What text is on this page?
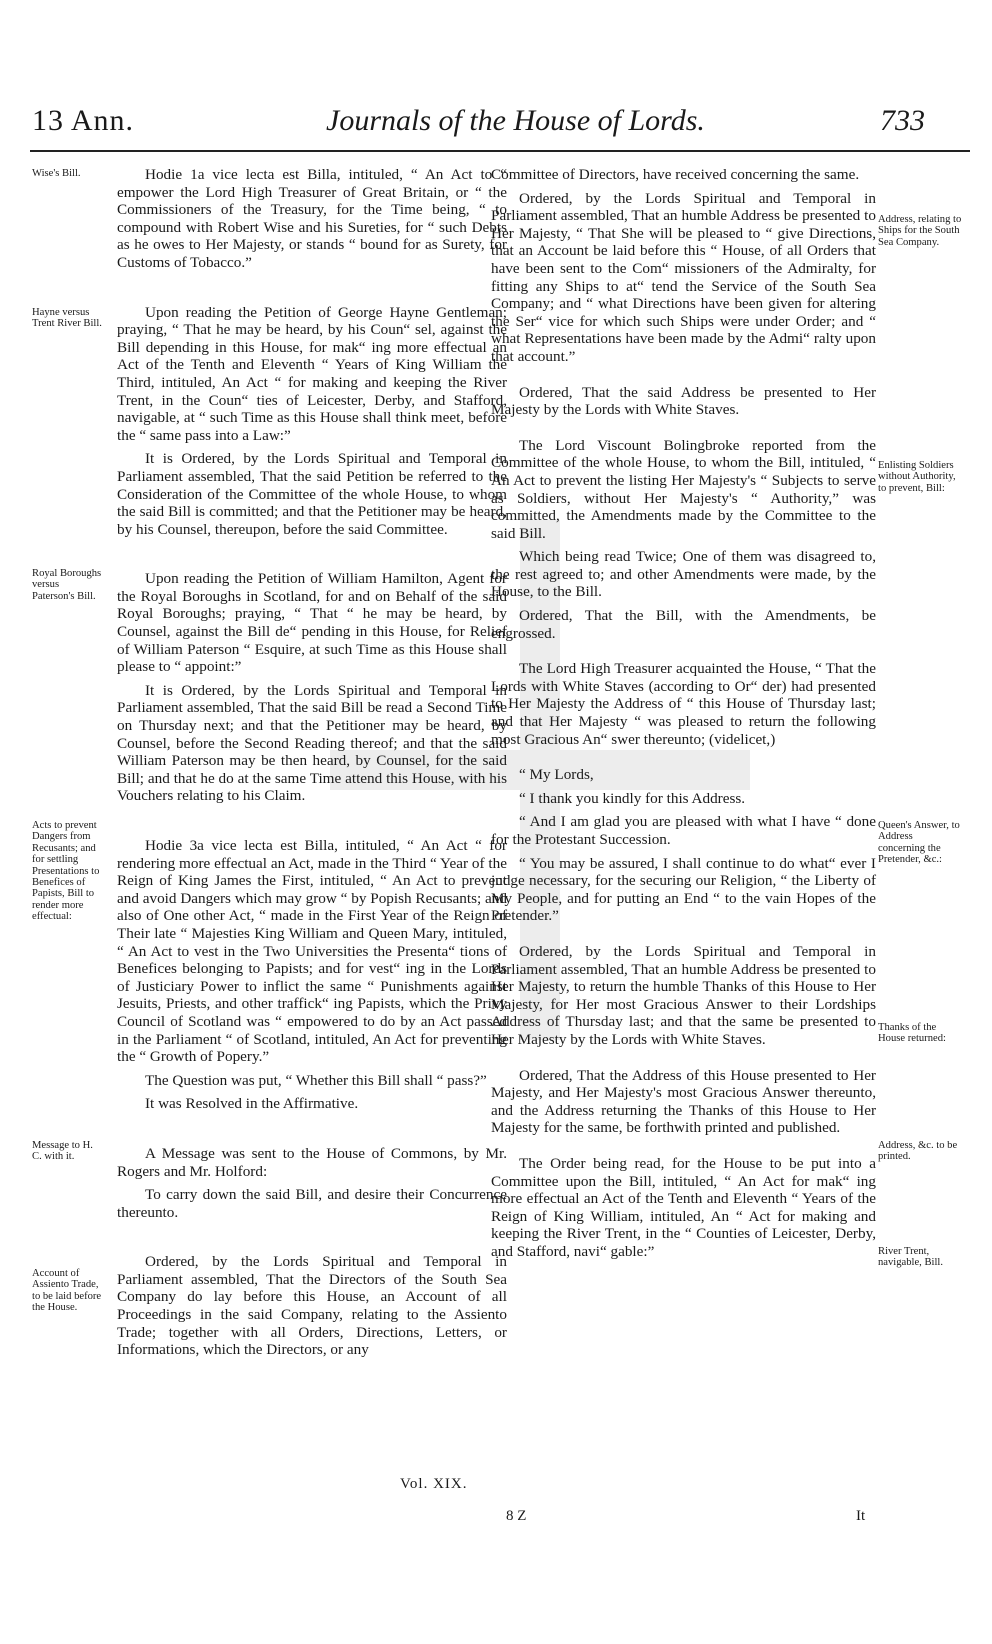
13 Ann.	Journals of the House of Lords.	733
Wise's Bill.
Hayne versus Trent River Bill.
Royal Boroughs versus Paterson's Bill.
Acts to prevent Dangers from Recusants; and for settling Presentations to Benefices of Papists, Bill to render more effectual:
Message to H. C. with it.
Account of Assiento Trade, to be laid before the House.
Address, relating to Ships for the South Sea Company.
Enlisting Soldiers without Authority, to prevent, Bill:
Queen's Answer, to Address concerning the Pretender, &c.:
Thanks of the House returned:
Address, &c. to be printed.
River Trent, navigable, Bill.

Hodie 1a vice lecta est Billa, intituled, “ An Act to “ empower the Lord High Treasurer of Great Britain, or “ the Commissioners of the Treasury, for the Time being, “ to compound with Robert Wise and his Sureties, for “ such Debts as he owes to Her Majesty, or stands “ bound for as Surety, for Customs of Tobacco.”

Upon reading the Petition of George Hayne Gentleman; praying, “ That he may be heard, by his Coun“ sel, against the Bill depending in this House, for mak“ ing more effectual an Act of the Tenth and Eleventh “ Years of King William the Third, intituled, An Act “ for making and keeping the River Trent, in the Coun“ ties of Leicester, Derby, and Stafford, navigable, at “ such Time as this House shall think meet, before the “ same pass into a Law:”

It is Ordered, by the Lords Spiritual and Temporal in Parliament assembled, That the said Petition be referred to the Consideration of the Committee of the whole House, to whom the said Bill is committed; and that the Petitioner may be heard, by his Counsel, thereupon, before the said Committee.

Upon reading the Petition of William Hamilton, Agent for the Royal Boroughs in Scotland, for and on Behalf of the said Royal Boroughs; praying, “ That “ he may be heard, by Counsel, against the Bill de“ pending in this House, for Relief of William Paterson “ Esquire, at such Time as this House shall please to “ appoint:”

It is Ordered, by the Lords Spiritual and Temporal in Parliament assembled, That the said Bill be read a Second Time on Thursday next; and that the Petitioner may be heard, by Counsel, before the Second Reading thereof; and that the said William Paterson may be then heard, by Counsel, for the said Bill; and that he do at the same Time attend this House, with his Vouchers relating to his Claim.

Hodie 3a vice lecta est Billa, intituled, “ An Act “ for rendering more effectual an Act, made in the Third “ Year of the Reign of King James the First, intituled, “ An Act to prevent and avoid Dangers which may grow “ by Popish Recusants; and also of One other Act, “ made in the First Year of the Reign of Their late “ Majesties King William and Queen Mary, intituled, “ An Act to vest in the Two Universities the Presenta“ tions of Benefices belonging to Papists; and for vest“ ing in the Lords of Justiciary Power to inflict the same “ Punishments against Jesuits, Priests, and other traffick“ ing Papists, which the Privy Council of Scotland was “ empowered to do by an Act passed in the Parliament “ of Scotland, intituled, An Act for preventing the “ Growth of Popery.”

The Question was put, “ Whether this Bill shall “ pass?”

It was Resolved in the Affirmative.

A Message was sent to the House of Commons, by Mr. Rogers and Mr. Holford:

To carry down the said Bill, and desire their Concurrence thereunto.

Ordered, by the Lords Spiritual and Temporal in Parliament assembled, That the Directors of the South Sea Company do lay before this House, an Account of all Proceedings in the said Company, relating to the Assiento Trade; together with all Orders, Directions, Letters, or Informations, which the Directors, or any

Committee of Directors, have received concerning the same.

Ordered, by the Lords Spiritual and Temporal in Parliament assembled, That an humble Address be presented to Her Majesty, “ That She will be pleased to “ give Directions, that an Account be laid before this “ House, of all Orders that have been sent to the Com“ missioners of the Admiralty, for fitting any Ships to at“ tend the Service of the South Sea Company; and “ what Directions have been given for altering the Ser“ vice for which such Ships were under Order; and “ what Representations have been made by the Admi“ ralty upon that account.”

Ordered, That the said Address be presented to Her Majesty by the Lords with White Staves.

The Lord Viscount Bolingbroke reported from the Committee of the whole House, to whom the Bill, intituled, “ An Act to prevent the listing Her Majesty's “ Subjects to serve as Soldiers, without Her Majesty's “ Authority,” was committed, the Amendments made by the Committee to the said Bill.

Which being read Twice; One of them was disagreed to, the rest agreed to; and other Amendments were made, by the House, to the Bill.

Ordered, That the Bill, with the Amendments, be engrossed.

The Lord High Treasurer acquainted the House, “ That the Lords with White Staves (according to Or“ der) had presented to Her Majesty the Address of “ this House of Thursday last; and that Her Majesty “ was pleased to return the following most Gracious An“ swer thereunto; (videlicet,)

“ My Lords,

“ I thank you kindly for this Address.

“ And I am glad you are pleased with what I have “ done for the Protestant Succession.

“ You may be assured, I shall continue to do what“ ever I judge necessary, for the securing our Religion, “ the Liberty of My People, and for putting an End “ to the vain Hopes of the Pretender.”

Ordered, by the Lords Spiritual and Temporal in Parliament assembled, That an humble Address be presented to Her Majesty, to return the humble Thanks of this House to Her Majesty, for Her most Gracious Answer to their Lordships Address of Thursday last; and that the same be presented to Her Majesty by the Lords with White Staves.

Ordered, That the Address of this House presented to Her Majesty, and Her Majesty's most Gracious Answer thereunto, and the Address returning the Thanks of this House to Her Majesty for the same, be forthwith printed and published.

The Order being read, for the House to be put into a Committee upon the Bill, intituled, “ An Act for mak“ ing more effectual an Act of the Tenth and Eleventh “ Years of the Reign of King William, intituled, An “ Act for making and keeping the River Trent, in the “ Counties of Leicester, Derby, and Stafford, navi“ gable:”

Vol. XIX.
8 Z	It
